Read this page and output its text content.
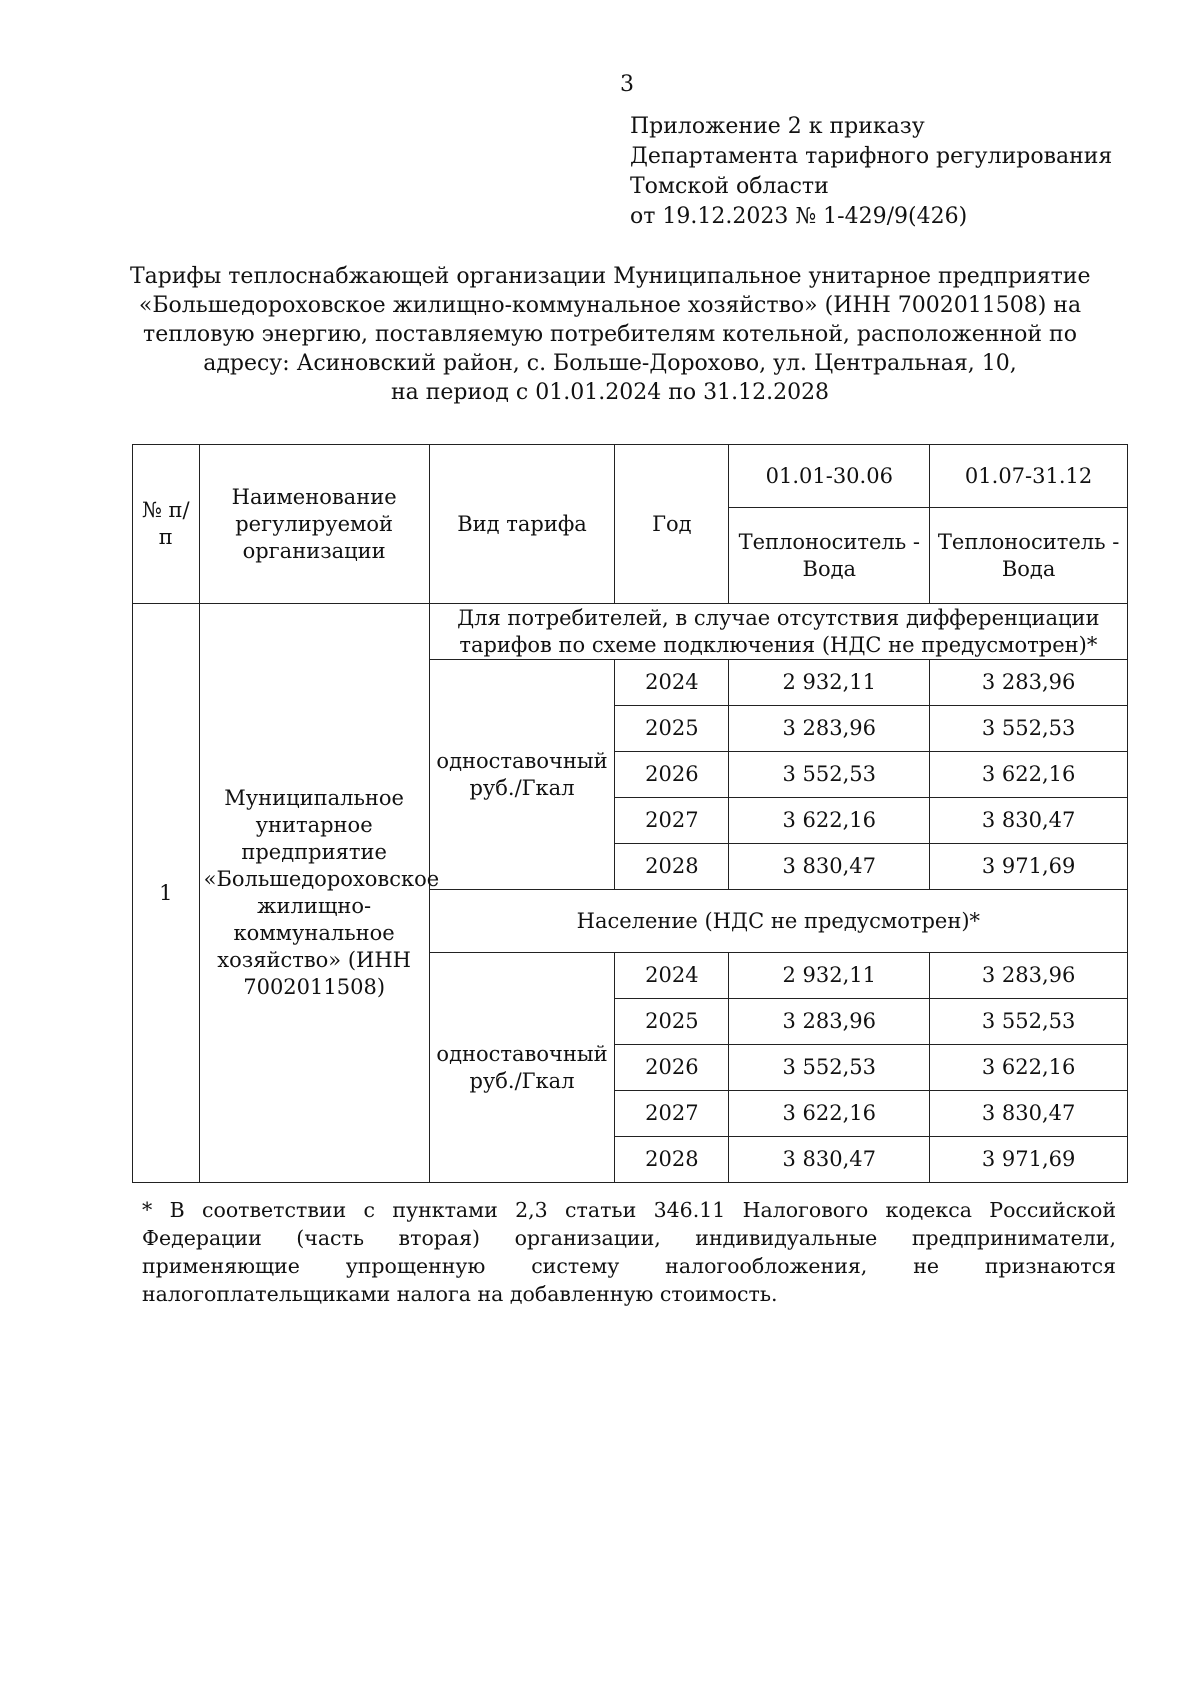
3
Приложение 2 к приказу
Департамента тарифного регулирования
Томской области
от 19.12.2023 № 1-429/9(426)
Тарифы теплоснабжающей организации Муниципальное унитарное предприятие
«Большедороховское жилищно-коммунальное хозяйство» (ИНН 7002011508) на
тепловую энергию, поставляемую потребителям котельной, расположенной по
адресу: Асиновский район, с. Больше-Дорохово, ул. Центральная, 10,
на период с 01.01.2024 по 31.12.2028
№ п/п	Наименование регулируемой организации	Вид тарифа	Год	01.01-30.06	01.07-31.12
				Теплоноситель - Вода	Теплоноситель - Вода
1	Муниципальное унитарное предприятие «Большедороховское жилищно-коммунальное хозяйство» (ИНН 7002011508)	Для потребителей, в случае отсутствия дифференциации тарифов по схеме подключения (НДС не предусмотрен)*			
		одноставочный руб./Гкал	2024	2 932,11	3 283,96
			2025	3 283,96	3 552,53
			2026	3 552,53	3 622,16
			2027	3 622,16	3 830,47
			2028	3 830,47	3 971,69
		Население (НДС не предусмотрен)*			
		одноставочный руб./Гкал	2024	2 932,11	3 283,96
			2025	3 283,96	3 552,53
			2026	3 552,53	3 622,16
			2027	3 622,16	3 830,47
			2028	3 830,47	3 971,69
* В соответствии с пунктами 2,3 статьи 346.11 Налогового кодекса Российской Федерации (часть вторая) организации, индивидуальные предприниматели, применяющие упрощенную систему налогообложения, не признаются налогоплательщиками налога на добавленную стоимость.
